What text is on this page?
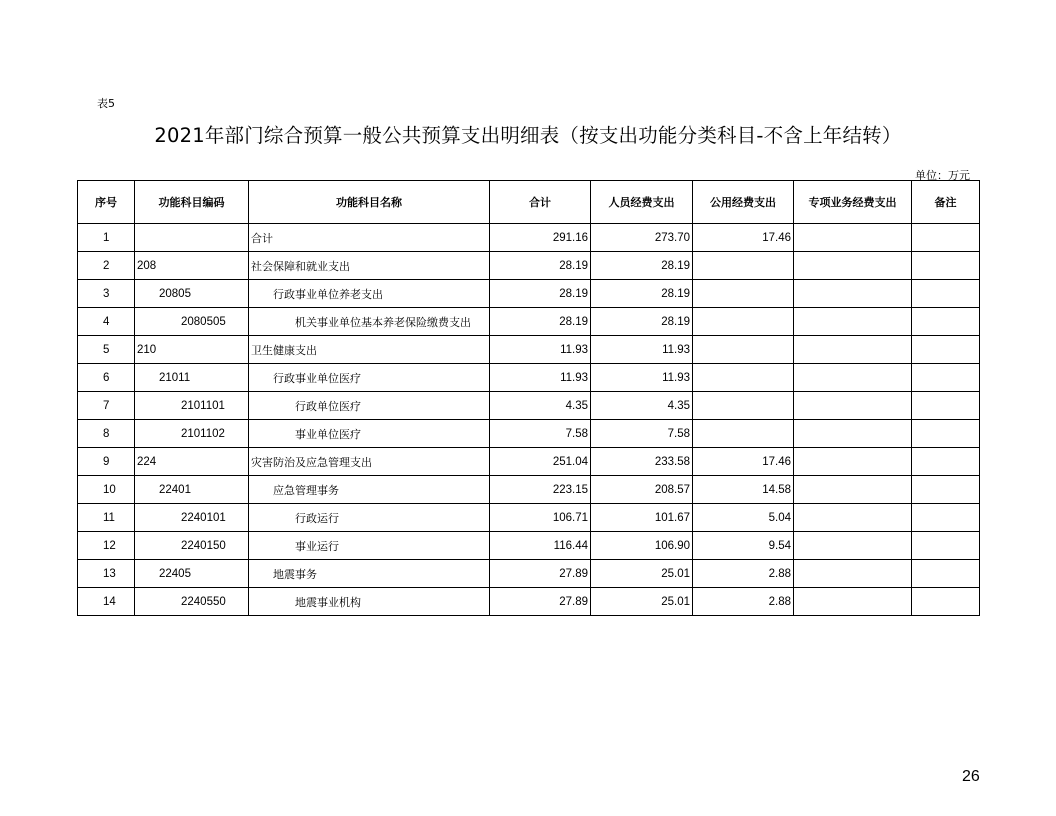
表5
2021年部门综合预算一般公共预算支出明细表（按支出功能分类科目-不含上年结转）
单位：万元
序号	功能科目编码	功能科目名称	合计	人员经费支出	公用经费支出	专项业务经费支出	备注
1		合计	291.16	273.70	17.46		
2	208	社会保障和就业支出	28.19	28.19			
3	20805	行政事业单位养老支出	28.19	28.19			
4	2080505	机关事业单位基本养老保险缴费支出	28.19	28.19			
5	210	卫生健康支出	11.93	11.93			
6	21011	行政事业单位医疗	11.93	11.93			
7	2101101	行政单位医疗	4.35	4.35			
8	2101102	事业单位医疗	7.58	7.58			
9	224	灾害防治及应急管理支出	251.04	233.58	17.46		
10	22401	应急管理事务	223.15	208.57	14.58		
11	2240101	行政运行	106.71	101.67	5.04		
12	2240150	事业运行	116.44	106.90	9.54		
13	22405	地震事务	27.89	25.01	2.88		
14	2240550	地震事业机构	27.89	25.01	2.88		
26
